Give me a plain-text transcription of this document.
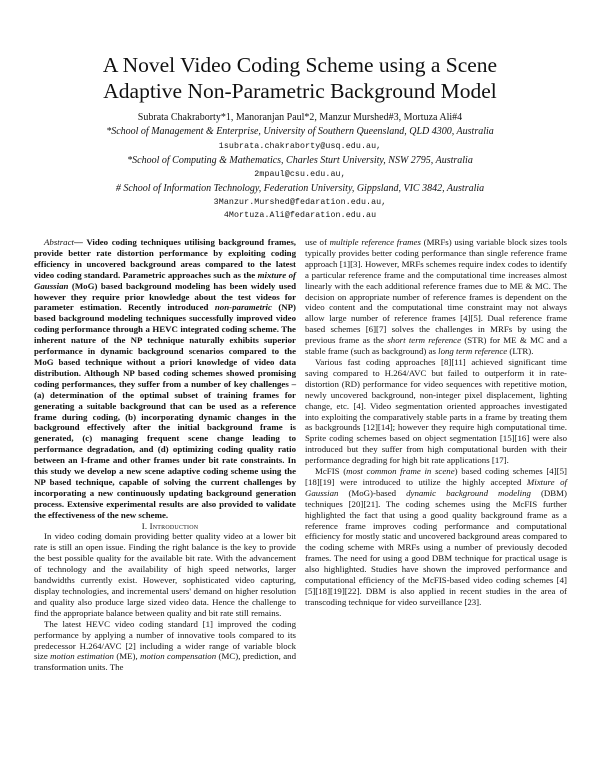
A Novel Video Coding Scheme using a Scene
Adaptive Non-Parametric Background Model
Subrata Chakraborty*1, Manoranjan Paul*2, Manzur Murshed#3, Mortuza Ali#4
*School of Management & Enterprise, University of Southern Queensland, QLD 4300, Australia
1subrata.chakraborty@usq.edu.au,
*School of Computing & Mathematics, Charles Sturt University, NSW 2795, Australia
2mpaul@csu.edu.au,
# School of Information Technology, Federation University, Gippsland, VIC 3842, Australia
3Manzur.Murshed@fedaration.edu.au,
4Mortuza.Ali@fedaration.edu.au

Abstract— Video coding techniques utilising background frames, provide better rate distortion performance by exploiting coding efficiency in uncovered background areas compared to the latest video coding standard. Parametric approaches such as the mixture of Gaussian (MoG) based background modeling has been widely used however they require prior knowledge about the test videos for parameter estimation. Recently introduced non-parametric (NP) based background modeling techniques successfully improved video coding performance through a HEVC integrated coding scheme. The inherent nature of the NP technique naturally exhibits superior performance in dynamic background scenarios compared to the MoG based technique without a priori knowledge of video data distribution. Although NP based coding schemes showed promising coding performances, they suffer from a number of key challenges – (a) determination of the optimal subset of training frames for generating a suitable background that can be used as a reference frame during coding, (b) incorporating dynamic changes in the background effectively after the initial background frame is generated, (c) managing frequent scene change leading to performance degradation, and (d) optimizing coding quality ratio between an I-frame and other frames under bit rate constraints. In this study we develop a new scene adaptive coding scheme using the NP based technique, capable of solving the current challenges by incorporating a new continuously updating background generation process. Extensive experimental results are also provided to validate the effectiveness of the new scheme.

I. Introduction

In video coding domain providing better quality video at a lower bit rate is still an open issue. Finding the right balance is the key to provide the best possible quality for the available bit rate. With the advancement of technology and the availability of high speed networks, larger bandwidths currently exist. However, sophisticated video capturing, display technologies, and incremental users' demand on higher resolution and quality also produce large sized video data. Hence the challenge to find the appropriate balance between quality and bit rate still remains.

The latest HEVC video coding standard [1] improved the coding performance by applying a number of innovative tools compared to its predecessor H.264/AVC [2] including a wider range of variable block size motion estimation (ME), motion compensation (MC), prediction, and transformation units. The

use of multiple reference frames (MRFs) using variable block sizes tools typically provides better coding performance than single reference frame approach [1][3]. However, MRFs schemes require index codes to identify a particular reference frame and the computational time increases almost linearly with the each additional reference frames due to ME & MC. The decision on appropriate number of reference frames is dependent on the video content and the computational time constraint may not always allow large number of reference frames [4][5]. Dual reference frame based schemes [6][7] solves the challenges in MRFs by using the previous frame as the short term reference (STR) for ME & MC and a stable frame (such as background) as long term reference (LTR).

Various fast coding approaches [8][11] achieved significant time saving compared to H.264/AVC but failed to outperform it in rate-distortion (RD) performance for video sequences with repetitive motion, newly uncovered background, non-integer pixel displacement, lighting change, etc. [4]. Video segmentation oriented approaches investigated into exploiting the comparatively stable parts in a frame by treating them as backgrounds [12][14]; however they require high computational time. Sprite coding schemes based on object segmentation [15][16] were also introduced but they suffer from high computational burden with their performance degrading for high bit rate applications [17].

McFIS (most common frame in scene) based coding schemes [4][5][18][19] were introduced to utilize the highly accepted Mixture of Gaussian (MoG)-based dynamic background modeling (DBM) techniques [20][21]. The coding schemes using the McFIS further highlighted the fact that using a good quality background frame as a reference frame improves coding performance and computational efficiency for mostly static and uncovered background areas compared to the coding scheme with MRFs using a number of previously decoded frames. The need for using a good DBM technique for practical usage is also highlighted. Studies have shown the improved performance and computational efficiency of the McFIS-based video coding schemes [4][5][18][19][22]. DBM is also applied in recent studies in the area of transcoding technique for video surveillance [23].
